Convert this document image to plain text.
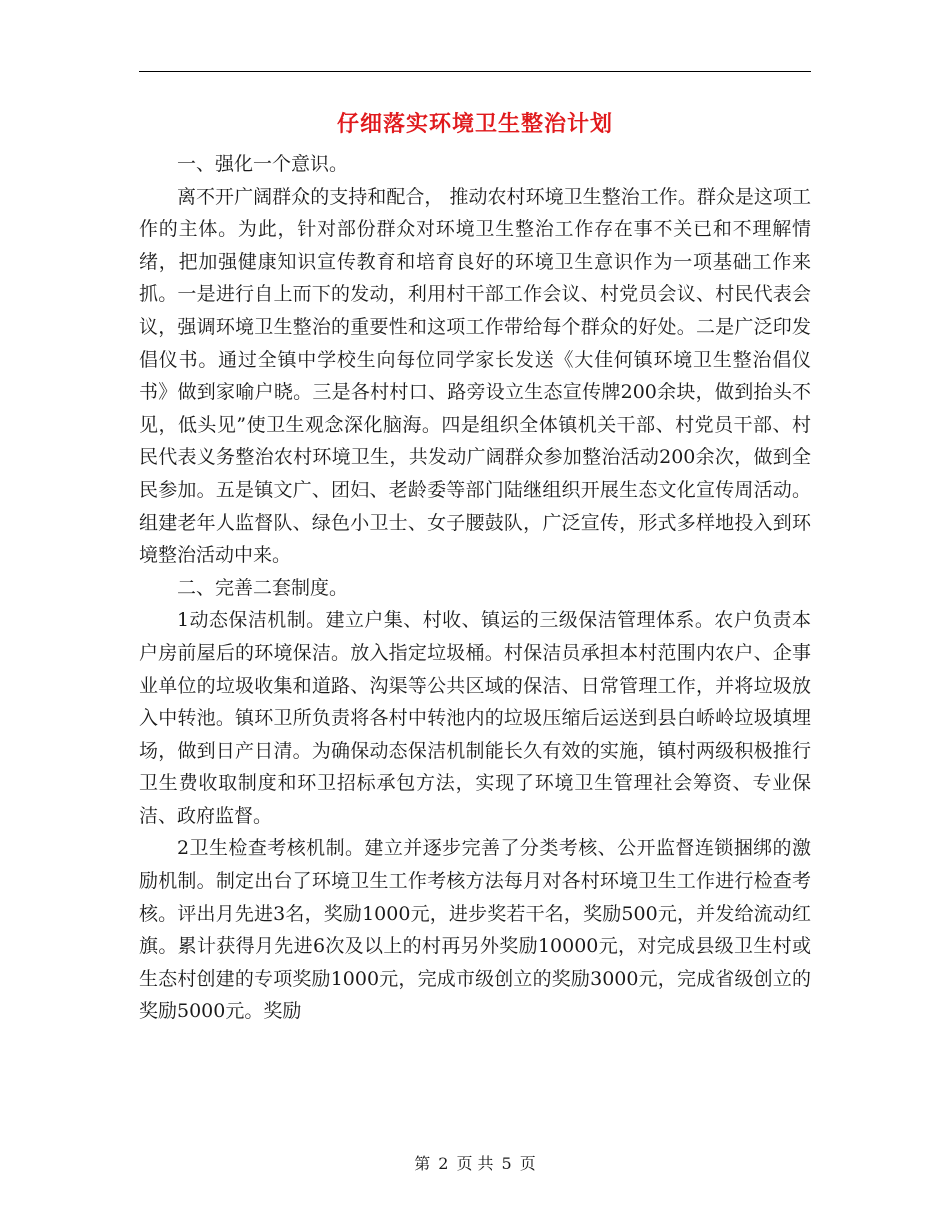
仔细落实环境卫生整治计划

一、强化一个意识。

离不开广阔群众的支持和配合， 推动农村环境卫生整治工作。群众是这项工作的主体。为此，针对部份群众对环境卫生整治工作存在事不关已和不理解情绪，把加强健康知识宣传教育和培育良好的环境卫生意识作为一项基础工作来抓。一是进行自上而下的发动，利用村干部工作会议、村党员会议、村民代表会议，强调环境卫生整治的重要性和这项工作带给每个群众的好处。二是广泛印发倡仪书。通过全镇中学校生向每位同学家长发送《大佳何镇环境卫生整治倡仪书》做到家喻户晓。三是各村村口、路旁设立生态宣传牌200余块，做到抬头不见，低头见”使卫生观念深化脑海。四是组织全体镇机关干部、村党员干部、村民代表义务整治农村环境卫生，共发动广阔群众参加整治活动200余次，做到全民参加。五是镇文广、团妇、老龄委等部门陆继组织开展生态文化宣传周活动。组建老年人监督队、绿色小卫士、女子腰鼓队，广泛宣传，形式多样地投入到环境整治活动中来。

二、完善二套制度。

1动态保洁机制。建立户集、村收、镇运的三级保洁管理体系。农户负责本户房前屋后的环境保洁。放入指定垃圾桶。村保洁员承担本村范围内农户、企事业单位的垃圾收集和道路、沟渠等公共区域的保洁、日常管理工作，并将垃圾放入中转池。镇环卫所负责将各村中转池内的垃圾压缩后运送到县白峤岭垃圾填埋场，做到日产日清。为确保动态保洁机制能长久有效的实施，镇村两级积极推行卫生费收取制度和环卫招标承包方法，实现了环境卫生管理社会筹资、专业保洁、政府监督。

2卫生检查考核机制。建立并逐步完善了分类考核、公开监督连锁捆绑的激励机制。制定出台了环境卫生工作考核方法每月对各村环境卫生工作进行检查考核。评出月先进3名，奖励1000元，进步奖若干名，奖励500元，并发给流动红旗。累计获得月先进6次及以上的村再另外奖励10000元，对完成县级卫生村或生态村创建的专项奖励1000元，完成市级创立的奖励3000元，完成省级创立的奖励5000元。奖励

第 2 页 共 5 页
